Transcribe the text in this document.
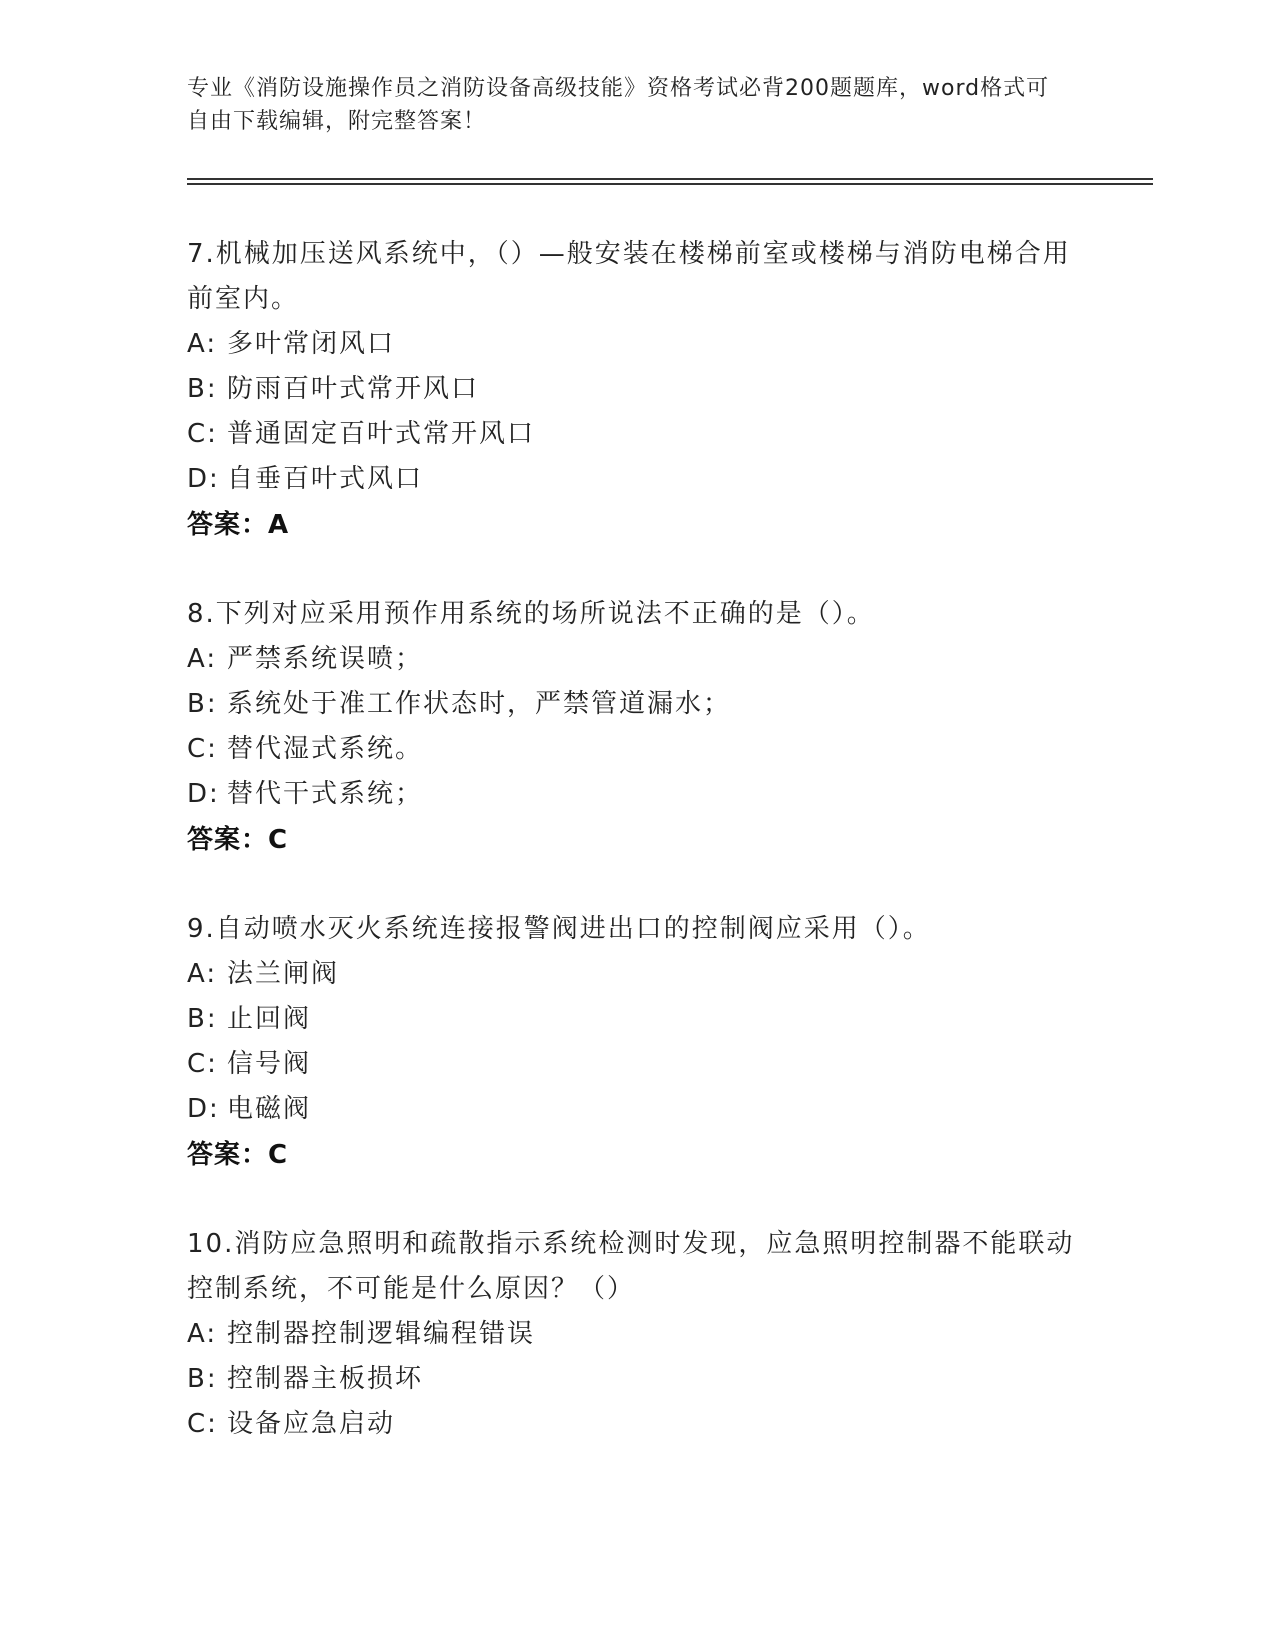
专业《消防设施操作员之消防设备高级技能》资格考试必背200题题库，word格式可自由下载编辑，附完整答案！

7.机械加压送风系统中，（）—般安装在楼梯前室或楼梯与消防电梯合用前室内。

A: 多叶常闭风口
B: 防雨百叶式常开风口
C: 普通固定百叶式常开风口
D: 自垂百叶式风口
答案：A

8.下列对应采用预作用系统的场所说法不正确的是（）。

A: 严禁系统误喷；
B: 系统处于准工作状态时，严禁管道漏水；
C: 替代湿式系统。
D: 替代干式系统；
答案：C

9.自动喷水灭火系统连接报警阀进出口的控制阀应采用（）。

A: 法兰闸阀
B: 止回阀
C: 信号阀
D: 电磁阀
答案：C

10.消防应急照明和疏散指示系统检测时发现，应急照明控制器不能联动控制系统，不可能是什么原因？（）

A: 控制器控制逻辑编程错误
B: 控制器主板损坏
C: 设备应急启动
